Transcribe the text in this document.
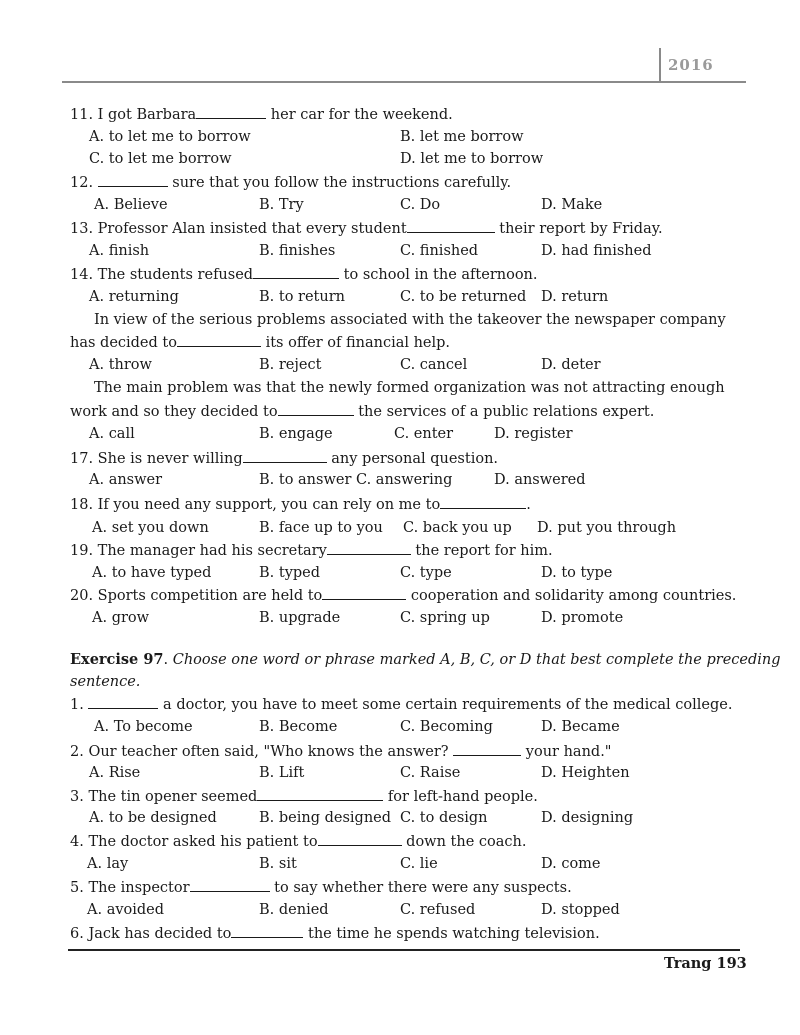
2016
11. I got Barbara	her car for the weekend.
A. to let me to borrow	B. let me borrow
C. to let me borrow	D. let me to borrow
12.	sure that you follow the instructions carefully.
A. Believe	B. Try	C. Do	D. Make
13. Professor Alan insisted that every student	their report by Friday.
A. finish	B. finishes	C. finished	D. had finished
14. The students refused	to school in the afternoon.
A. returning	B. to return	C. to be returned D. return
In view of the serious problems associated with the takeover the newspaper company
has decided to	its offer of financial help.
A. throw	B. reject	C. cancel	D. deter
The main problem was that the newly formed organization was not attracting enough
work and so they decided to	the services of a public relations expert.
A. call	B. engage	C. enter	D. register
17. She is never willing	any personal question.
A. answer	B. to answer C. answering	D. answered
18. If you need any support, you can rely on me to	.
A. set you down	B. face up to you C. back you up D. put you through
19. The manager had his secretary	the report for him.
A. to have typed	B. typed	C. type	D. to type
20. Sports competition are held to	cooperation and solidarity among countries.
A. grow	B. upgrade	C. spring up	D. promote
Exercise 97. Choose one word or phrase marked A, B, C, or D that best complete the preceding
sentence.
1.	a doctor, you have to meet some certain requirements of the medical college.
A. To become	B. Become	C. Becoming	D. Became
2. Our teacher often said, "Who knows the answer?	your hand."
A. Rise	B. Lift	C. Raise	D. Heighten
3. The tin opener seemed	for left-hand people.
A. to be designed	B. being designed C. to design	D. designing
4. The doctor asked his patient to	down the coach.
A. lay	B. sit	C. lie	D. come
5. The inspector	to say whether there were any suspects.
A. avoided	B. denied	C. refused	D. stopped
6. Jack has decided to	the time he spends watching television.
Trang 193
